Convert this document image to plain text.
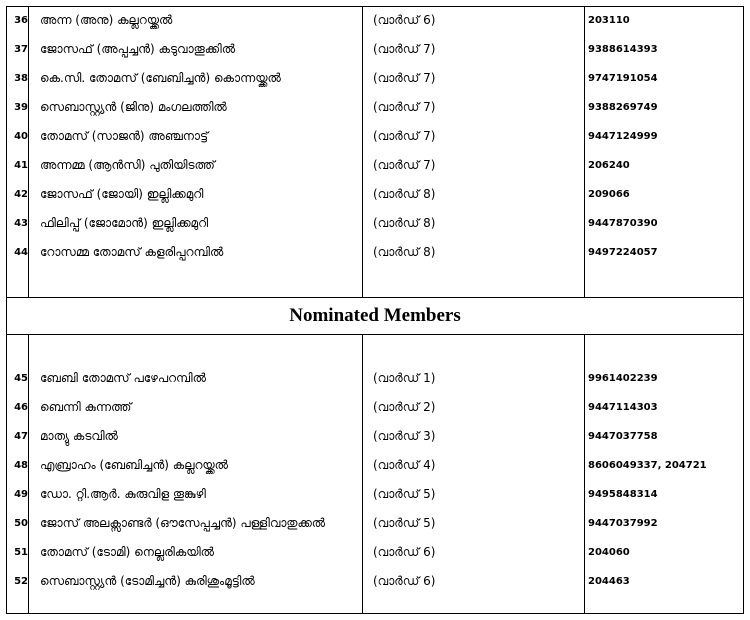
36 അന്ന (അനു) കല്ലറയ്ക്കൽ	(വാർഡ് 6)	203110
37 ജോസഫ് (അപ്പച്ചൻ) കടുവാതൂക്കിൽ	(വാർഡ് 7)	9388614393
38 കെ.സി. തോമസ് (ബേബിച്ചൻ) കൊന്നയ്ക്കൽ	(വാർഡ് 7)	9747191054
39 സെബാസ്റ്റ്യൻ (ജിനു) മംഗലത്തിൽ	(വാർഡ് 7)	9388269749
40 തോമസ് (സാജൻ) അഞ്ചനാട്ട്	(വാർഡ് 7)	9447124999
41 അന്നമ്മ (ആൻസി) പുതിയിടത്ത്	(വാർഡ് 7)	206240
42 ജോസഫ് (ജോയി) ഇല്ലിക്കമുറി	(വാർഡ് 8)	209066
43 ഫിലിപ്പ് (ജോമോൻ) ഇല്ലിക്കമുറി	(വാർഡ് 8)	9447870390
44 റോസമ്മ തോമസ് കളരിപ്പറമ്പിൽ	(വാർഡ് 8)	9497224057
Nominated Members
45 ബേബി തോമസ് പഴേപറമ്പിൽ	(വാർഡ് 1)	9961402239
46 ബെന്നി കുന്നത്ത്	(വാർഡ് 2)	9447114303
47 മാത്യു കടവിൽ	(വാർഡ് 3)	9447037758
48 എബ്രാഹം (ബേബിച്ചൻ) കല്ലറയ്ക്കൽ	(വാർഡ് 4)	8606049337, 204721
49 ഡോ. റ്റി.ആർ. കുരുവിള തൂങ്കുഴി	(വാർഡ് 5)	9495848314
50 ജോസ് അലക്സാണ്ടർ (ഔസേപ്പച്ചൻ) പള്ളിവാതുക്കൽ	(വാർഡ് 5)	9447037992
51 തോമസ് (ടോമി) നെല്ലരികയിൽ	(വാർഡ് 6)	204060
52 സെബാസ്റ്റ്യൻ (ടോമിച്ചൻ) കുരിശുംമൂട്ടിൽ	(വാർഡ് 6)	204463
